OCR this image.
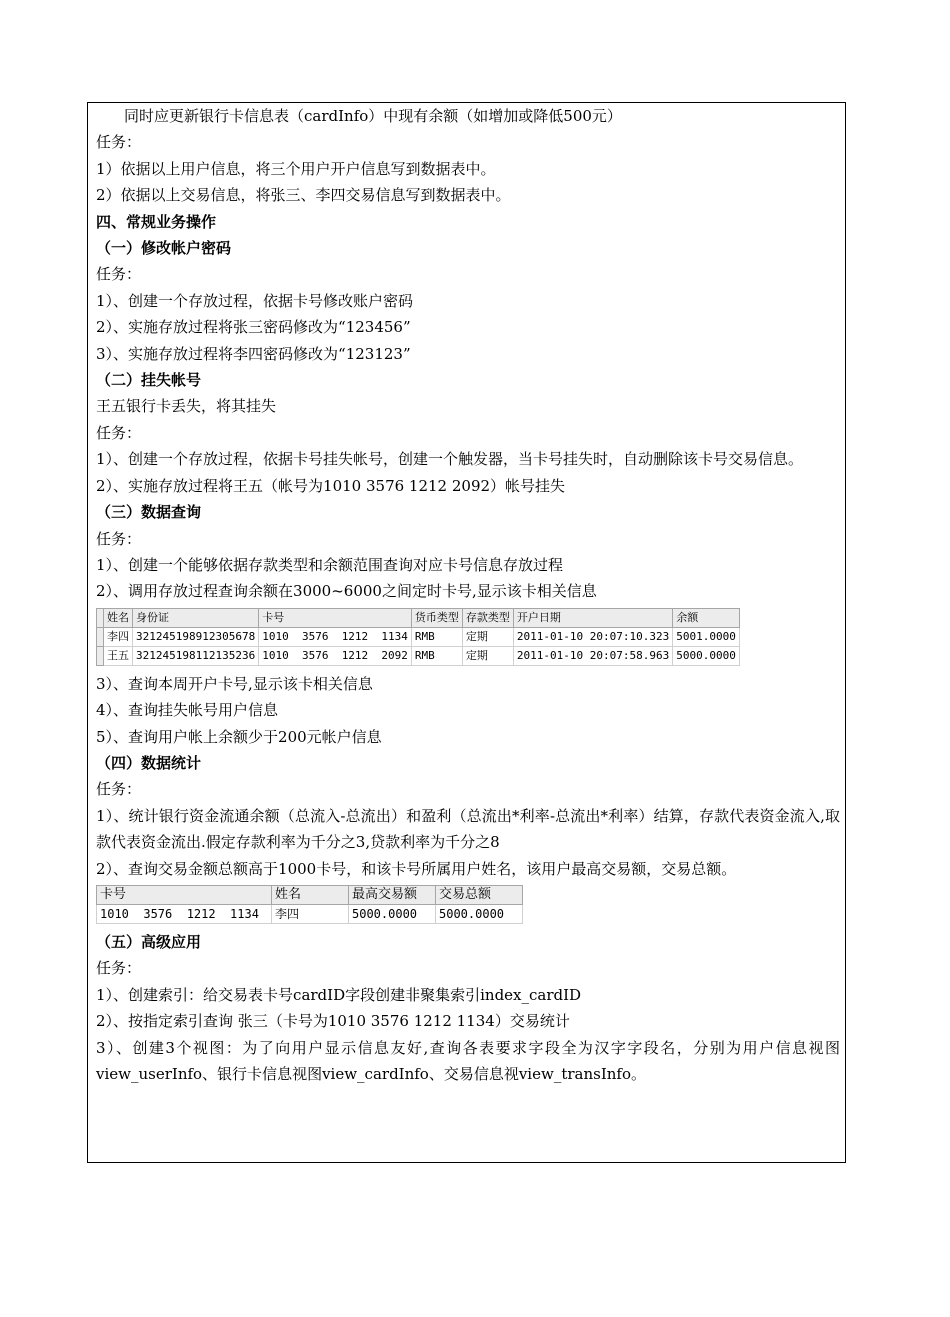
同时应更新银行卡信息表（cardInfo）中现有余额（如增加或降低500元）
任务：
1）依据以上用户信息，将三个用户开户信息写到数据表中。
2）依据以上交易信息，将张三、李四交易信息写到数据表中。
四、常规业务操作
（一）修改帐户密码
任务：
1）、创建一个存放过程，依据卡号修改账户密码
2）、实施存放过程将张三密码修改为“123456”
3）、实施存放过程将李四密码修改为“123123”
（二）挂失帐号
王五银行卡丢失，将其挂失
任务：
1）、创建一个存放过程，依据卡号挂失帐号，创建一个触发器，当卡号挂失时，自动删除该卡号交易信息。
2）、实施存放过程将王五（帐号为1010 3576 1212 2092）帐号挂失
（三）数据查询
任务：
1）、创建一个能够依据存款类型和余额范围查询对应卡号信息存放过程
2）、调用存放过程查询余额在3000~6000之间定时卡号,显示该卡相关信息
	姓名	身份证	卡号	货币类型	存款类型	开户日期	余额
	李四	321245198912305678	1010  3576  1212  1134	RMB	定期	2011-01-10 20:07:10.323	5001.0000
	王五	321245198112135236	1010  3576  1212  2092	RMB	定期	2011-01-10 20:07:58.963	5000.0000
3）、查询本周开户卡号,显示该卡相关信息
4）、查询挂失帐号用户信息
5）、查询用户帐上余额少于200元帐户信息
（四）数据统计
任务：
1）、统计银行资金流通余额（总流入-总流出）和盈利（总流出*利率-总流出*利率）结算，存款代表资金流入,取款代表资金流出.假定存款利率为千分之3,贷款利率为千分之8
2）、查询交易金额总额高于1000卡号，和该卡号所属用户姓名，该用户最高交易额，交易总额。
卡号	姓名	最高交易额	交易总额
1010  3576  1212  1134	李四	5000.0000	5000.0000
（五）高级应用
任务：
1）、创建索引：给交易表卡号cardID字段创建非聚集索引index_cardID
2）、按指定索引查询 张三（卡号为1010 3576 1212 1134）交易统计
3）、创建3个视图：为了向用户显示信息友好,查询各表要求字段全为汉字字段名，分别为用户信息视图view_userInfo、银行卡信息视图view_cardInfo、交易信息视view_transInfo。
